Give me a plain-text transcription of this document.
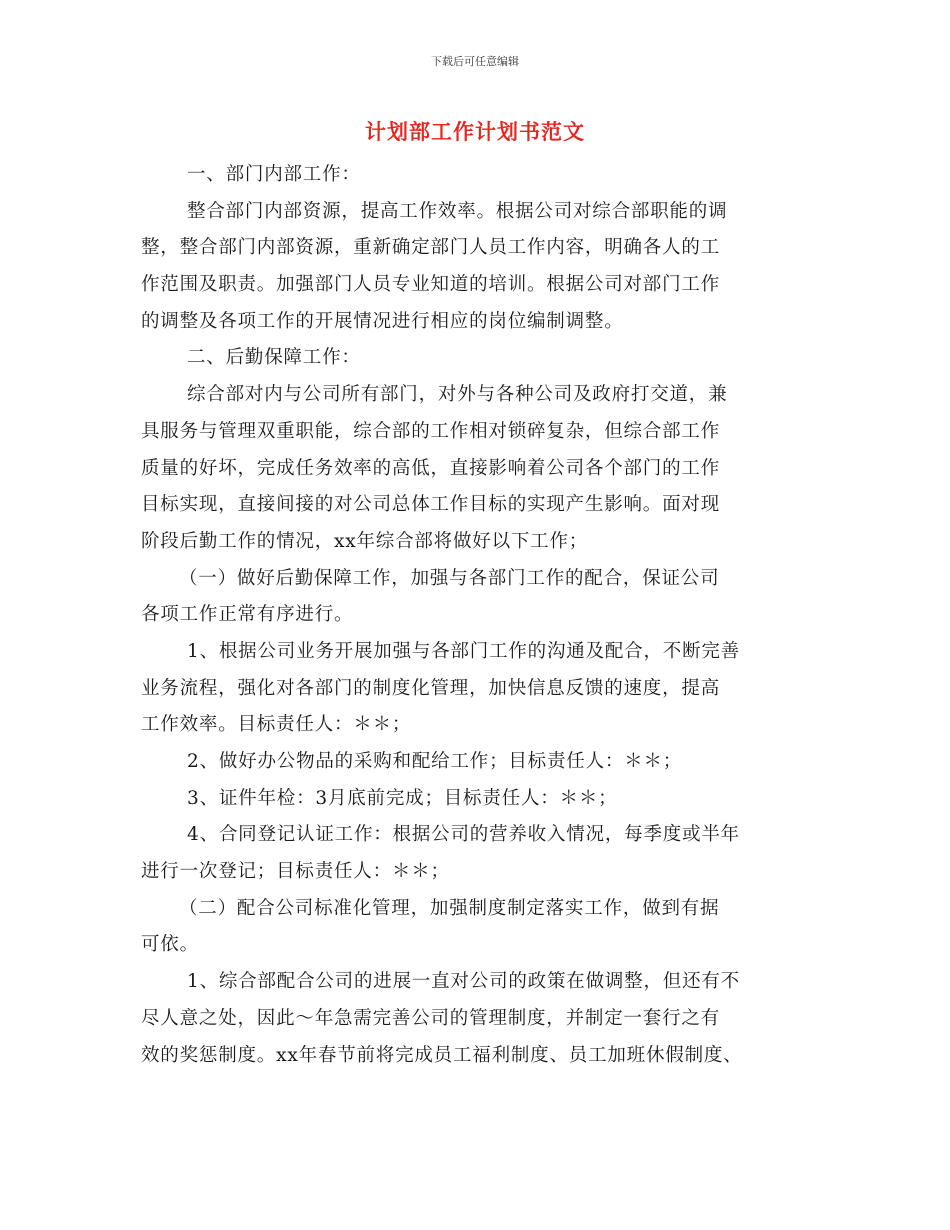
下载后可任意编辑
计划部工作计划书范文
一、部门内部工作：
整合部门内部资源，提高工作效率。根据公司对综合部职能的调
整，整合部门内部资源，重新确定部门人员工作内容，明确各人的工
作范围及职责。加强部门人员专业知道的培训。根据公司对部门工作
的调整及各项工作的开展情况进行相应的岗位编制调整。
二、后勤保障工作：
综合部对内与公司所有部门，对外与各种公司及政府打交道，兼
具服务与管理双重职能，综合部的工作相对锁碎复杂，但综合部工作
质量的好坏，完成任务效率的高低，直接影响着公司各个部门的工作
目标实现，直接间接的对公司总体工作目标的实现产生影响。面对现
阶段后勤工作的情况，xx年综合部将做好以下工作；
（一）做好后勤保障工作，加强与各部门工作的配合，保证公司
各项工作正常有序进行。
1、根据公司业务开展加强与各部门工作的沟通及配合，不断完善
业务流程，强化对各部门的制度化管理，加快信息反馈的速度，提高
工作效率。目标责任人：＊＊；
2、做好办公物品的采购和配给工作；目标责任人：＊＊；
3、证件年检：3月底前完成；目标责任人：＊＊；
4、合同登记认证工作：根据公司的营养收入情况，每季度或半年
进行一次登记；目标责任人：＊＊；
（二）配合公司标准化管理，加强制度制定落实工作，做到有据
可依。
1、综合部配合公司的进展一直对公司的政策在做调整，但还有不
尽人意之处，因此～年急需完善公司的管理制度，并制定一套行之有
效的奖惩制度。xx年春节前将完成员工福利制度、员工加班休假制度、
